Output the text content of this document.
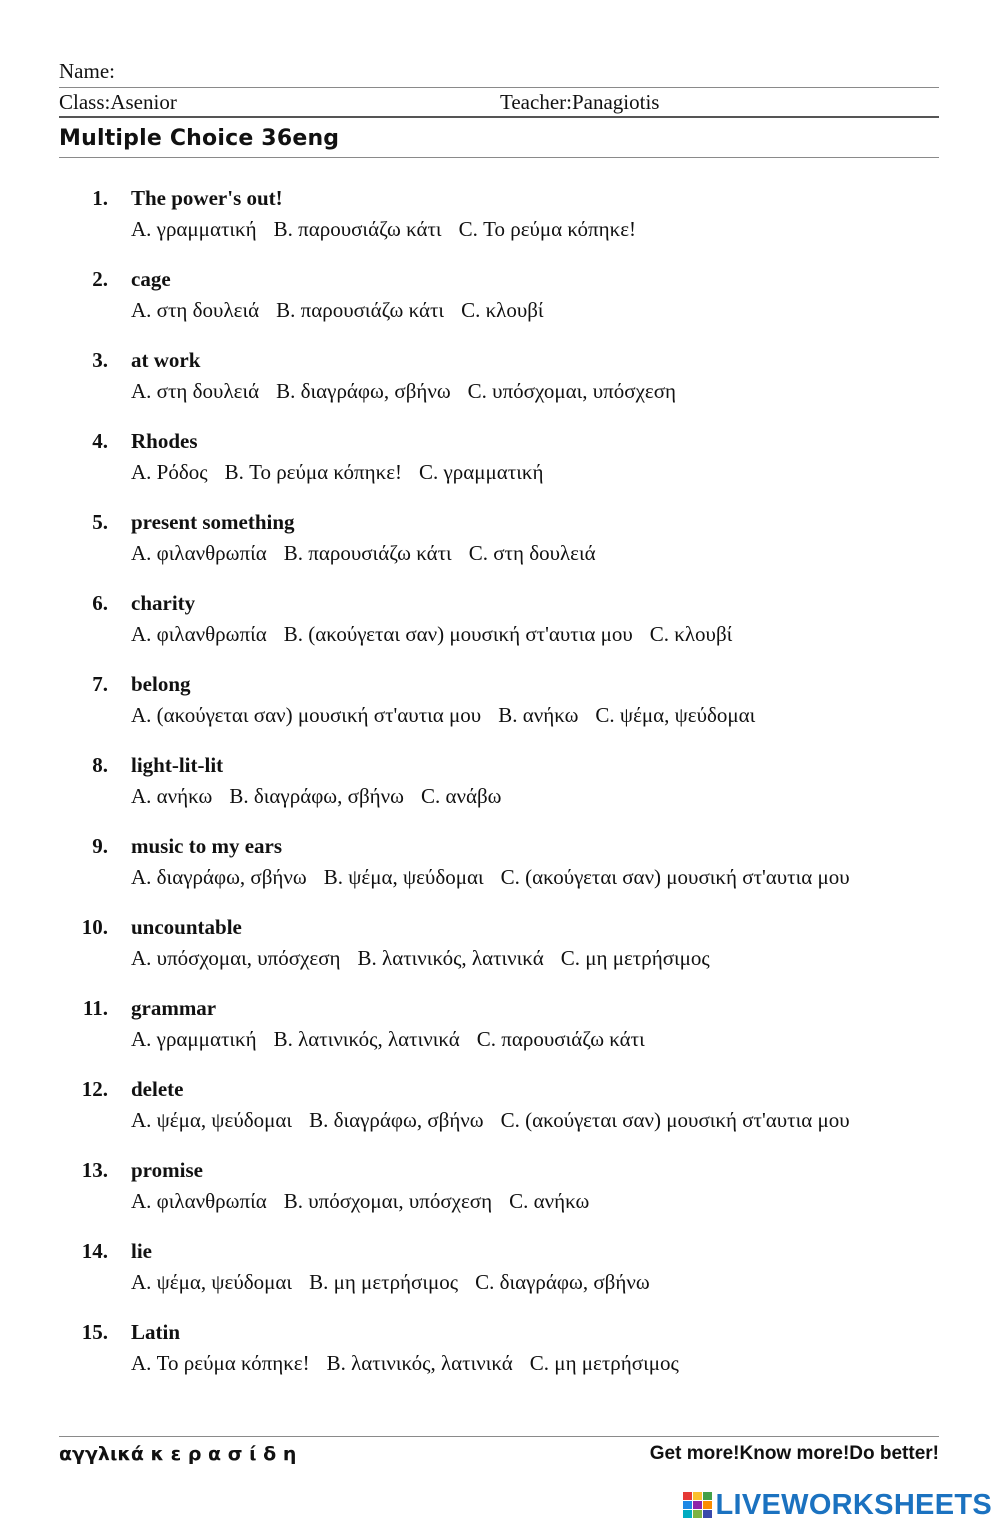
Name:
Class:Asenior	Teacher:Panagiotis
Multiple Choice 36eng
1. The power's out!
A. γραμματική B. παρουσιάζω κάτι C. Το ρεύμα κόπηκε!
2. cage
A. στη δουλειά B. παρουσιάζω κάτι C. κλουβί
3. at work
A. στη δουλειά B. διαγράφω, σβήνω C. υπόσχομαι, υπόσχεση
4. Rhodes
A. Ρόδος B. Το ρεύμα κόπηκε! C. γραμματική
5. present something
A. φιλανθρωπία B. παρουσιάζω κάτι C. στη δουλειά
6. charity
A. φιλανθρωπία B. (ακούγεται σαν) μουσική στ'αυτια μου C. κλουβί
7. belong
A. (ακούγεται σαν) μουσική στ'αυτια μου B. ανήκω C. ψέμα, ψεύδομαι
8. light-lit-lit
A. ανήκω B. διαγράφω, σβήνω C. ανάβω
9. music to my ears
A. διαγράφω, σβήνω B. ψέμα, ψεύδομαι C. (ακούγεται σαν) μουσική στ'αυτια μου
10. uncountable
A. υπόσχομαι, υπόσχεση B. λατινικός, λατινικά C. μη μετρήσιμος
11. grammar
A. γραμματική B. λατινικός, λατινικά C. παρουσιάζω κάτι
12. delete
A. ψέμα, ψεύδομαι B. διαγράφω, σβήνω C. (ακούγεται σαν) μουσική στ'αυτια μου
13. promise
A. φιλανθρωπία B. υπόσχομαι, υπόσχεση C. ανήκω
14. lie
A. ψέμα, ψεύδομαι B. μη μετρήσιμος C. διαγράφω, σβήνω
15. Latin
A. Το ρεύμα κόπηκε! B. λατινικός, λατινικά C. μη μετρήσιμος
αγγλικά κ ε ρ α σ ί δ η	Get more!Know more!Do better!
LIVEWORKSHEETS
